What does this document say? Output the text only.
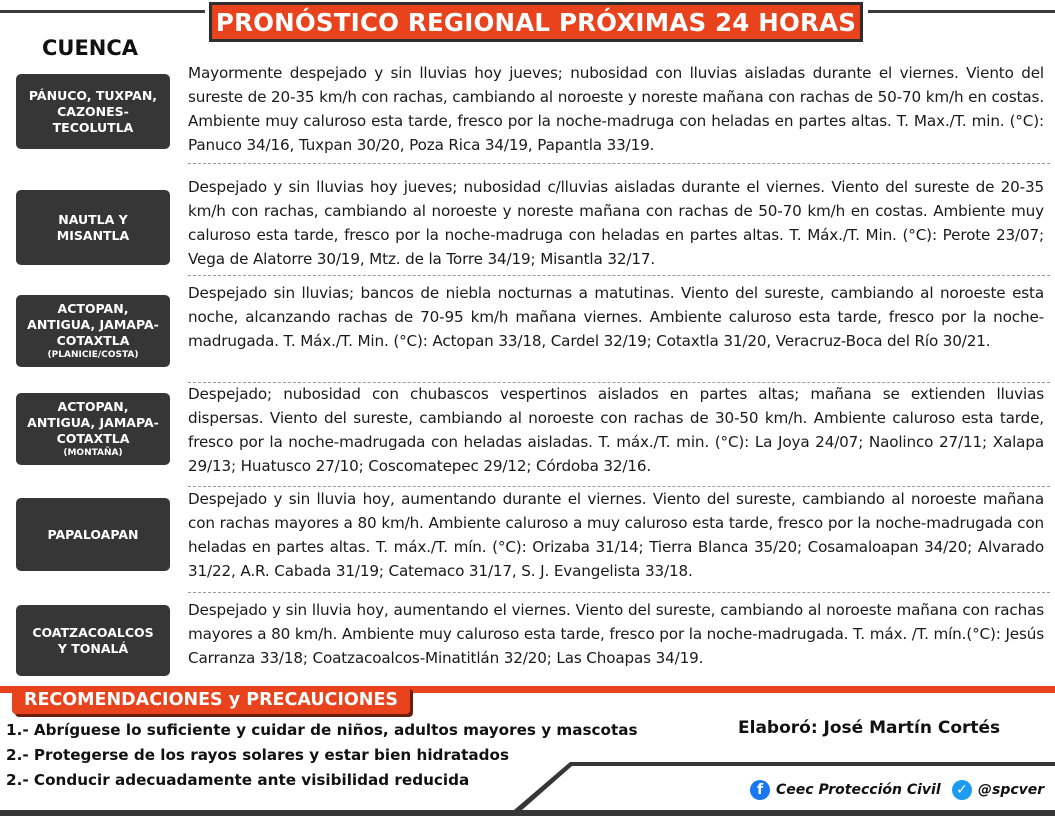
PRONÓSTICO REGIONAL PRÓXIMAS 24 HORAS
CUENCA
PÁNUCO, TUXPAN, CAZONES-TECOLUTLA
Mayormente despejado y sin lluvias hoy jueves; nubosidad con lluvias aisladas durante el viernes. Viento del sureste de 20-35 km/h con rachas, cambiando al noroeste y noreste mañana con rachas de 50-70 km/h en costas. Ambiente muy caluroso esta tarde, fresco por la noche-madruga con heladas en partes altas. T. Max./T. min. (°C): Panuco 34/16, Tuxpan 30/20, Poza Rica 34/19, Papantla 33/19.
NAUTLA Y MISANTLA
Despejado y sin lluvias hoy jueves; nubosidad c/lluvias aisladas durante el viernes. Viento del sureste de 20-35 km/h con rachas, cambiando al noroeste y noreste mañana con rachas de 50-70 km/h en costas. Ambiente muy caluroso esta tarde, fresco por la noche-madruga con heladas en partes altas. T. Máx./T. Min. (°C): Perote 23/07; Vega de Alatorre 30/19, Mtz. de la Torre 34/19; Misantla 32/17.
ACTOPAN, ANTIGUA, JAMAPA-COTAXTLA
(PLANICIE/COSTA)
Despejado sin lluvias; bancos de niebla nocturnas a matutinas. Viento del sureste, cambiando al noroeste esta noche, alcanzando rachas de 70-95 km/h mañana viernes. Ambiente caluroso esta tarde, fresco por la noche-madrugada. T. Máx./T. Min. (°C): Actopan 33/18, Cardel 32/19; Cotaxtla 31/20, Veracruz-Boca del Río 30/21.
ACTOPAN, ANTIGUA, JAMAPA-COTAXTLA
(MONTAÑA)
Despejado; nubosidad con chubascos vespertinos aislados en partes altas; mañana se extienden lluvias dispersas. Viento del sureste, cambiando al noroeste con rachas de 30-50 km/h. Ambiente caluroso esta tarde, fresco por la noche-madrugada con heladas aisladas. T. máx./T. min. (°C): La Joya 24/07; Naolinco 27/11; Xalapa 29/13; Huatusco 27/10; Coscomatepec 29/12; Córdoba 32/16.
PAPALOAPAN
Despejado y sin lluvia hoy, aumentando durante el viernes. Viento del sureste, cambiando al noroeste mañana con rachas mayores a 80 km/h. Ambiente caluroso a muy caluroso esta tarde, fresco por la noche-madrugada con heladas en partes altas. T. máx./T. mín. (°C): Orizaba 31/14; Tierra Blanca 35/20; Cosamaloapan 34/20; Alvarado 31/22, A.R. Cabada 31/19; Catemaco 31/17, S. J. Evangelista 33/18.
COATZACOALCOS Y TONALÁ
Despejado y sin lluvia hoy, aumentando el viernes. Viento del sureste, cambiando al noroeste mañana con rachas mayores a 80 km/h. Ambiente muy caluroso esta tarde, fresco por la noche-madrugada. T. máx. /T. mín.(°C): Jesús Carranza 33/18; Coatzacoalcos-Minatitlán 32/20; Las Choapas 34/19.
RECOMENDACIONES y PRECAUCIONES
1.- Abríguese lo suficiente y cuidar de niños, adultos mayores y mascotas
2.- Protegerse de los rayos solares y estar bien hidratados
2.- Conducir adecuadamente ante visibilidad reducida
Elaboró: José Martín Cortés
f Ceec Protección Civil ✓ @spcver
